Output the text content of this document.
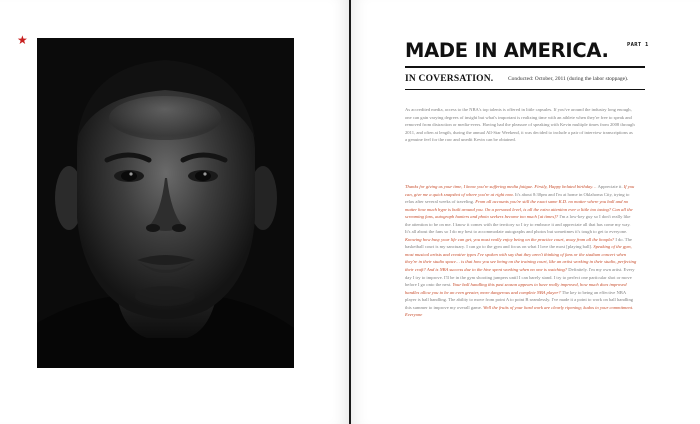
★	MADE IN AMERICA.	PART 1
IN COVERSATION.	Conducted: October, 2011 (during the labor stoppage).

As accredited media, access to the NBA's top talents is offered in little capsules. If you've around the industry long enough, one can gain varying degrees of insight but what's important is realizing time with an athlete when they're free to speak and removed from distraction or media-evers. Having had the pleasure of speaking with Kevin multiple times from 2008 through 2011, and often at length, during the annual All-Star Weekend, it was decided to include a pair of interview transcriptions as a genuine feel for the raw and unedit Kevin can be obtained.

Thanks for giving us your time, I know you're suffering media fatigue. Firstly, Happy belated birthday… Appreciate it. If you can, give me a quick snapshot of where you're at right now. It's about 8:30pm and I'm at home in Oklahoma City, trying to relax after several weeks of traveling. From all accounts you're still the exact same K.D. no matter where you ball and no matter how much hype is built around you. On a personal level, is all the extra attention ever a little too taxing? Can all the screaming fans, autograph hunters and photo seekers become too much [at times]? I'm a low-key guy so I don't really like the attention to be on me. I know it comes with the territory so I try to embrace it and appreciate all that has come my way. It's all about the fans so I do my best to accommodate autographs and photos but sometimes it's tough to get to everyone. Knowing how busy your life can get, you must really enjoy being on the practice court, away from all the hoopla? I do. The basketball court is my sanctuary. I can go to the gym and focus on what I love the most [playing ball]. Speaking of the gym, most musical artists and creative types I've spoken with say that they aren't thinking of fans or the stadium concert when they're in their studio space… is that how you see being on the training court, like an artist working in their studio, perfecting their craft? And is NBA success due to the hive spent working when no one is watching? Definitely. I'm my own artist. Every day I try to improve. I'll be in the gym shooting jumpers until I can barely stand. I try to perfect one particular shot or move before I go onto the next. Your ball handling this past season appears to have really improved, how much does improved handles allow you to be an even greater, more dangerous and complete NBA player? The key to being an effective NBA player is ball handling. The ability to move from point A to point B seamlessly. I've made it a point to work on ball handling this summer to improve my overall game. Well the fruits of your hard work are clearly ripening; kudos to your commitment. Everyone
